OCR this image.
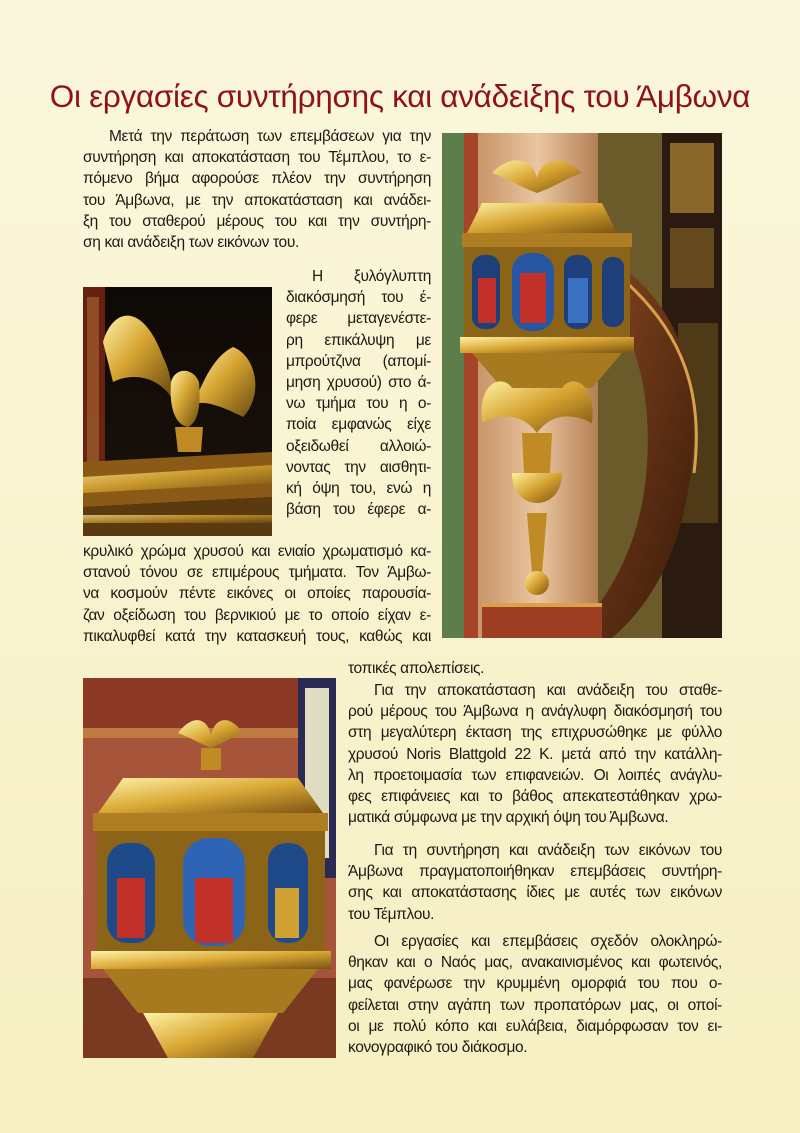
Οι εργασίες συντήρησης και ανάδειξης του Άμβωνα
Μετά την περάτωση των επεμβάσεων για την
συντήρηση και αποκατάσταση του Τέμπλου, το ε-
πόμενο βήμα αφορούσε πλέον την συντήρηση
του Άμβωνα, με την αποκατάσταση και ανάδει-
ξη του σταθερού μέρους του και την συντήρη-
ση και ανάδειξη των εικόνων του.
Η ξυλόγλυπτη
διακόσμησή του έ-
φερε μεταγενέστε-
ρη επικάλυψη με
μπρούτζινα (απομί-
μηση χρυσού) στο ά-
νω τμήμα του η ο-
ποία εμφανώς είχε
οξειδωθεί αλλοιώ-
νοντας την αισθητι-
κή όψη του, ενώ η
βάση του έφερε α-
κρυλικό χρώμα χρυσού και ενιαίο χρωματισμό κα-
στανού τόνου σε επιμέρους τμήματα. Τον Άμβω-
να κοσμούν πέντε εικόνες οι οποίες παρουσία-
ζαν οξείδωση του βερνικιού με το οποίο είχαν ε-
πικαλυφθεί κατά την κατασκευή τους, καθώς και
τοπικές απολεπίσεις.
Για την αποκατάσταση και ανάδειξη του σταθε-
ρού μέρους του Άμβωνα η ανάγλυφη διακόσμησή του
στη μεγαλύτερη έκταση της επιχρυσώθηκε με φύλλο
χρυσού Noris Blattgold 22 K. μετά από την κατάλλη-
λη προετοιμασία των επιφανειών. Οι λοιπές ανάγλυ-
φες επιφάνειες και το βάθος απεκατεστάθηκαν χρω-
ματικά σύμφωνα με την αρχική όψη του Άμβωνα.
Για τη συντήρηση και ανάδειξη των εικόνων του
Άμβωνα πραγματοποιήθηκαν επεμβάσεις συντήρη-
σης και αποκατάστασης ίδιες με αυτές των εικόνων
του Τέμπλου.
Οι εργασίες και επεμβάσεις σχεδόν ολοκληρώ-
θηκαν και ο Ναός μας, ανακαινισμένος και φωτεινός,
μας φανέρωσε την κρυμμένη ομορφιά του που ο-
φείλεται στην αγάπη των προπατόρων μας, οι οποί-
οι με πολύ κόπο και ευλάβεια, διαμόρφωσαν τον ει-
κονογραφικό του διάκοσμο.
